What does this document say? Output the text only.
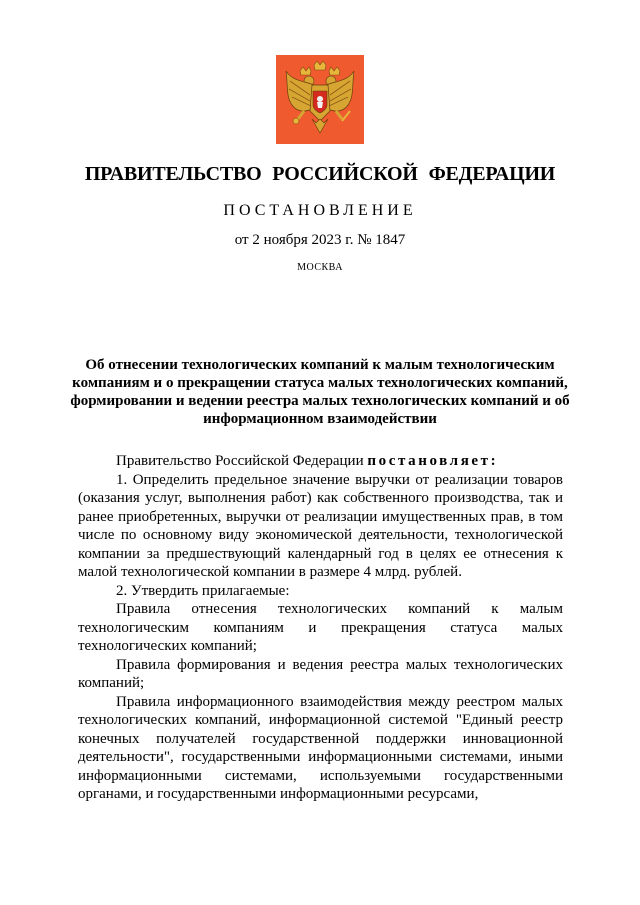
ПРАВИТЕЛЬСТВО РОССИЙСКОЙ ФЕДЕРАЦИИ
ПОСТАНОВЛЕНИЕ
от 2 ноября 2023 г. № 1847
МОСКВА
Об отнесении технологических компаний к малым технологическим компаниям и о прекращении статуса малых технологических компаний, формировании и ведении реестра малых технологических компаний и об информационном взаимодействии

Правительство Российской Федерации постановляет:

1. Определить предельное значение выручки от реализации товаров (оказания услуг, выполнения работ) как собственного производства, так и ранее приобретенных, выручки от реализации имущественных прав, в том числе по основному виду экономической деятельности, технологической компании за предшествующий календарный год в целях ее отнесения к малой технологической компании в размере 4 млрд. рублей.

2. Утвердить прилагаемые:

Правила отнесения технологических компаний к малым технологическим компаниям и прекращения статуса малых технологических компаний;

Правила формирования и ведения реестра малых технологических компаний;

Правила информационного взаимодействия между реестром малых технологических компаний, информационной системой "Единый реестр конечных получателей государственной поддержки инновационной деятельности", государственными информационными системами, иными информационными системами, используемыми государственными органами, и государственными информационными ресурсами,
